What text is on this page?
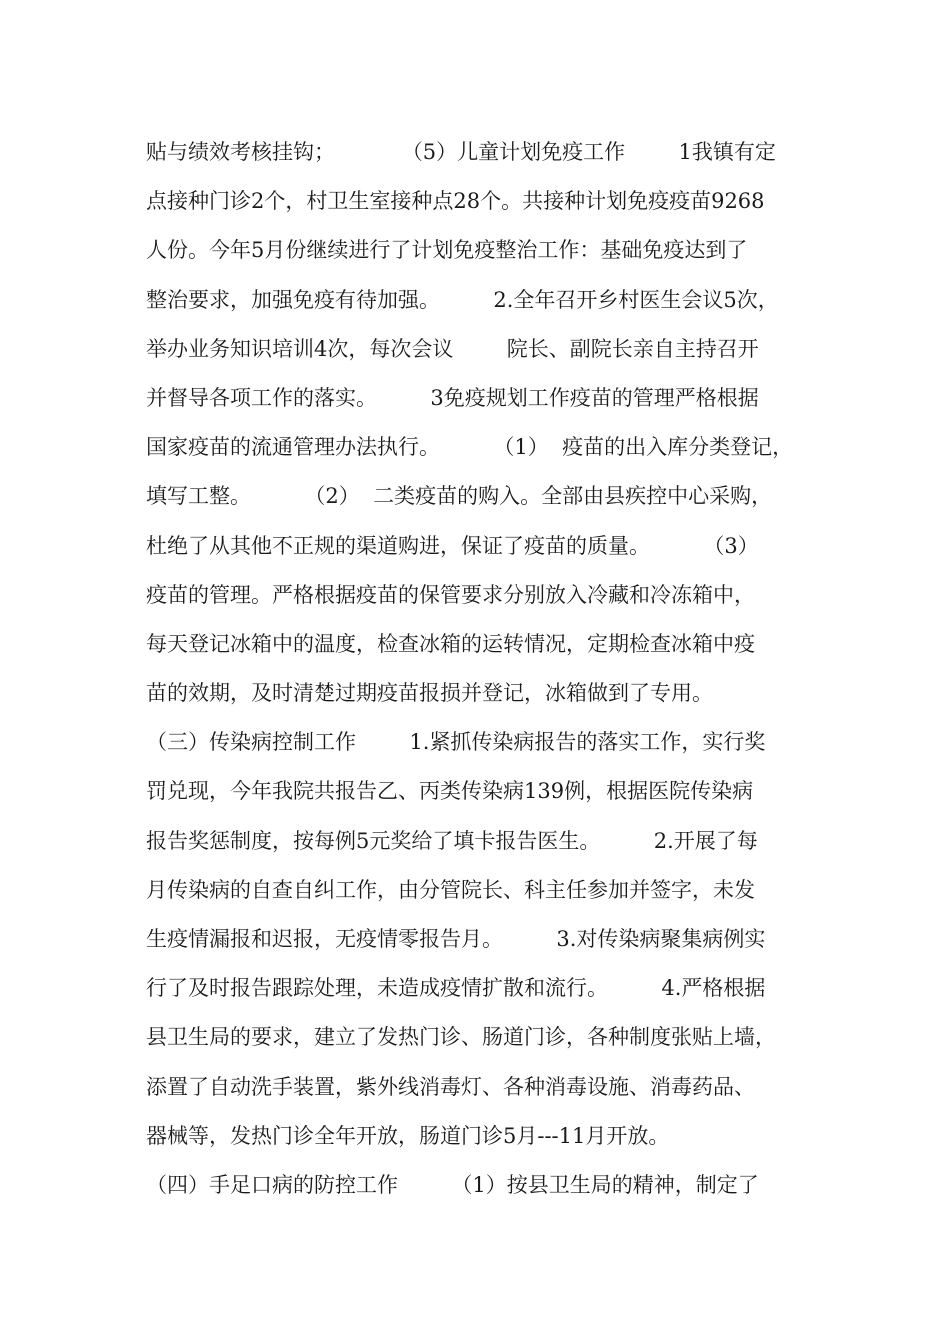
贴与绩效考核挂钩；          （5）儿童计划免疫工作        1我镇有定
点接种门诊2个，村卫生室接种点28个。共接种计划免疫疫苗9268
人份。今年5月份继续进行了计划免疫整治工作：基础免疫达到了
整治要求，加强免疫有待加强。        2.全年召开乡村医生会议5次，
举办业务知识培训4次，每次会议        院长、副院长亲自主持召开
并督导各项工作的落实。        3免疫规划工作疫苗的管理严格根据
国家疫苗的流通管理办法执行。        （1）  疫苗的出入库分类登记，
填写工整。        （2）  二类疫苗的购入。全部由县疾控中心采购，
杜绝了从其他不正规的渠道购进，保证了疫苗的质量。        （3）
疫苗的管理。严格根据疫苗的保管要求分别放入冷藏和冷冻箱中，
每天登记冰箱中的温度，检查冰箱的运转情况，定期检查冰箱中疫
苗的效期，及时清楚过期疫苗报损并登记，冰箱做到了专用。
（三）传染病控制工作        1.紧抓传染病报告的落实工作，实行奖
罚兑现，今年我院共报告乙、丙类传染病139例，根据医院传染病
报告奖惩制度，按每例5元奖给了填卡报告医生。        2.开展了每
月传染病的自查自纠工作，由分管院长、科主任参加并签字，未发
生疫情漏报和迟报，无疫情零报告月。        3.对传染病聚集病例实
行了及时报告跟踪处理，未造成疫情扩散和流行。        4.严格根据
县卫生局的要求，建立了发热门诊、肠道门诊，各种制度张贴上墙，
添置了自动洗手装置，紫外线消毒灯、各种消毒设施、消毒药品、
器械等，发热门诊全年开放，肠道门诊5月---11月开放。
（四）手足口病的防控工作        （1）按县卫生局的精神，制定了
